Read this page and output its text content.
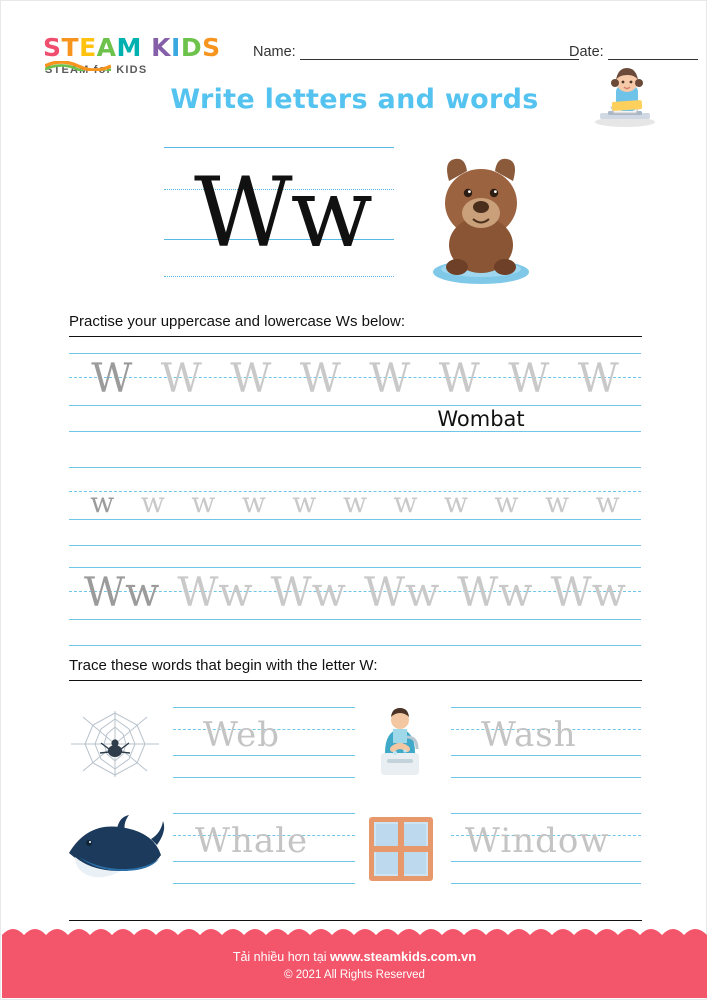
STEAM KIDS
STEAM for KIDS
Name:	Date:
Write letters and words
Ww
Wombat
Practise your uppercase and lowercase Ws below:
W W W W W W W W
w w w w w w w w w w w
Ww Ww Ww Ww Ww Ww
Trace these words that begin with the letter W:
Web	Wash
Whale	Window
Tải nhiều hơn tại www.steamkids.com.vn
© 2021 All Rights Reserved
